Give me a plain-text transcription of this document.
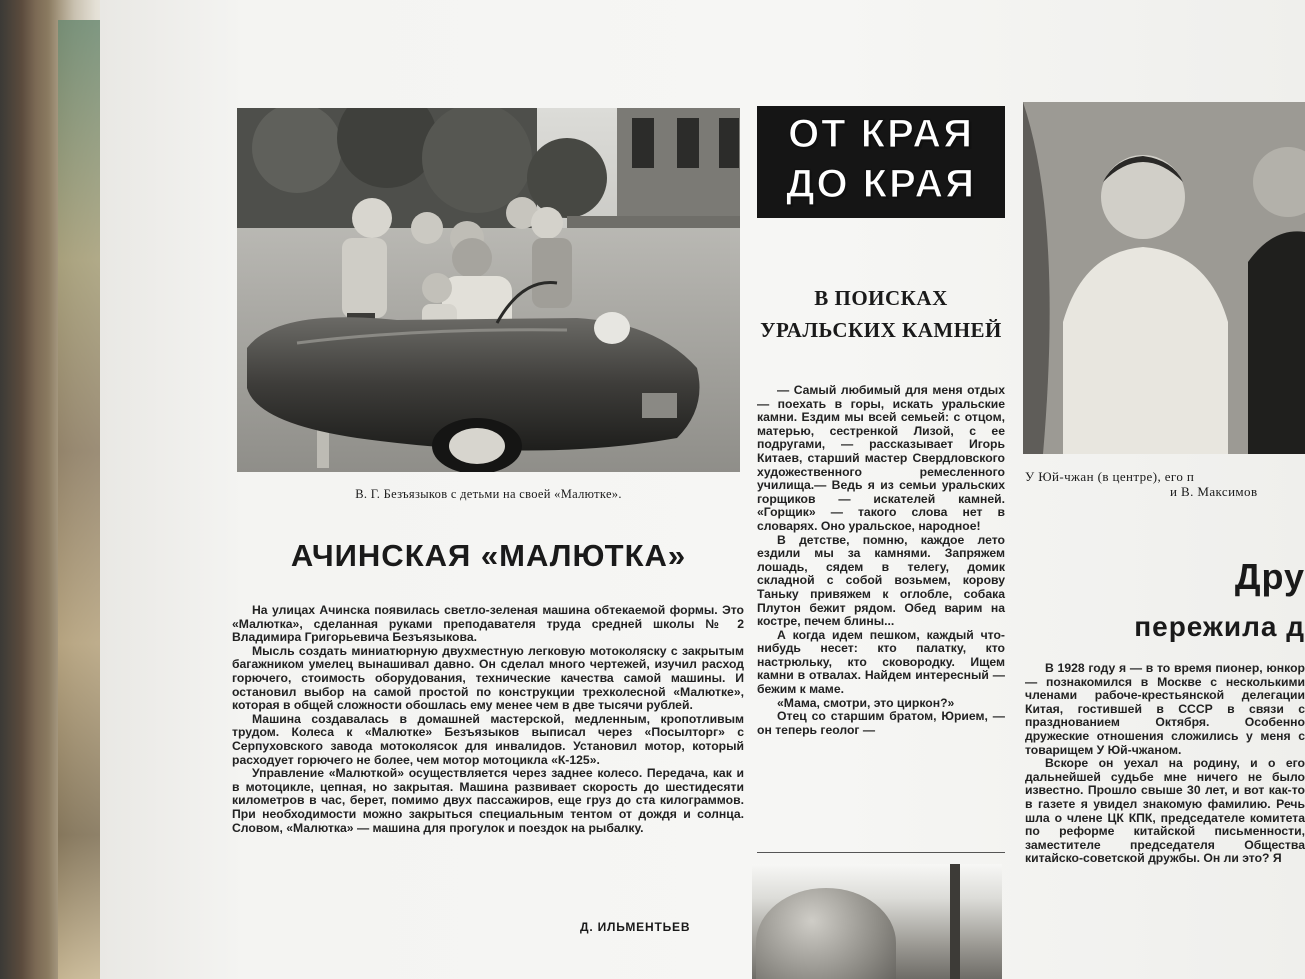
В. Г. Безъязыков с детьми на своей «Малютке».
АЧИНСКАЯ «МАЛЮТКА»

На улицах Ачинска появилась светло-зеленая машина обтекаемой формы. Это «Малютка», сделанная руками преподавателя труда средней школы № 2 Владимира Григорьевича Безъязыкова.

Мысль создать миниатюрную двухместную легковую мотоколяску с закрытым багажником умелец вынашивал давно. Он сделал много чертежей, изучил расход горючего, стоимость оборудования, технические качества самой машины. И остановил выбор на самой простой по конструкции трехколесной «Малютке», которая в общей сложности обошлась ему менее чем в две тысячи рублей.

Машина создавалась в домашней мастерской, медленным, кропотливым трудом. Колеса к «Малютке» Безъязыков выписал через «Посылторг» с Серпуховского завода мотоколясок для инвалидов. Установил мотор, который расходует горючего не более, чем мотор мотоцикла «К-125».

Управление «Малюткой» осуществляется через заднее колесо. Передача, как и в мотоцикле, цепная, но закрытая. Машина развивает скорость до шестидесяти километров в час, берет, помимо двух пассажиров, еще груз до ста килограммов. При необходимости можно закрыться специальным тентом от дождя и солнца. Словом, «Малютка» — машина для прогулок и поездок на рыбалку.

Д. ИЛЬМЕНТЬЕВ
ОТ КРАЯ
ДО КРАЯ
В ПОИСКАХ
УРАЛЬСКИХ КАМНЕЙ

— Самый любимый для меня отдых — поехать в горы, искать уральские камни. Ездим мы всей семьей: с отцом, матерью, сестренкой Лизой, с ее подругами, — рассказывает Игорь Китаев, старший мастер Свердловского художественного ремесленного училища.— Ведь я из семьи уральских горщиков — искателей камней. «Горщик» — такого слова нет в словарях. Оно уральское, народное!

В детстве, помню, каждое лето ездили мы за камнями. Запряжем лошадь, сядем в телегу, домик складной с собой возьмем, корову Таньку привяжем к оглобле, собака Плутон бежит рядом. Обед варим на костре, печем блины...

А когда идем пешком, каждый что-нибудь несет: кто палатку, кто настрюльку, кто сковородку. Ищем камни в отвалах. Найдем интересный — бежим к маме.

«Мама, смотри, это циркон?»

Отец со старшим братом, Юрием, — он теперь геолог —

У Юй-чжан (в центре), его п
и В. Максимов
Дру
пережила д

В 1928 году я — в то время пионер, юнкор — познакомился в Москве с несколькими членами рабоче-крестьянской делегации Китая, гостившей в СССР в связи с празднованием Октября. Особенно дружеские отношения сложились у меня с товарищем У Юй-чжаном.

Вскоре он уехал на родину, и о его дальнейшей судьбе мне ничего не было известно. Прошло свыше 30 лет, и вот как-то в газете я увидел знакомую фамилию. Речь шла о члене ЦК КПК, председателе комитета по реформе китайской письменности, заместителе председателя Общества китайско-советской дружбы. Он ли это? Я
